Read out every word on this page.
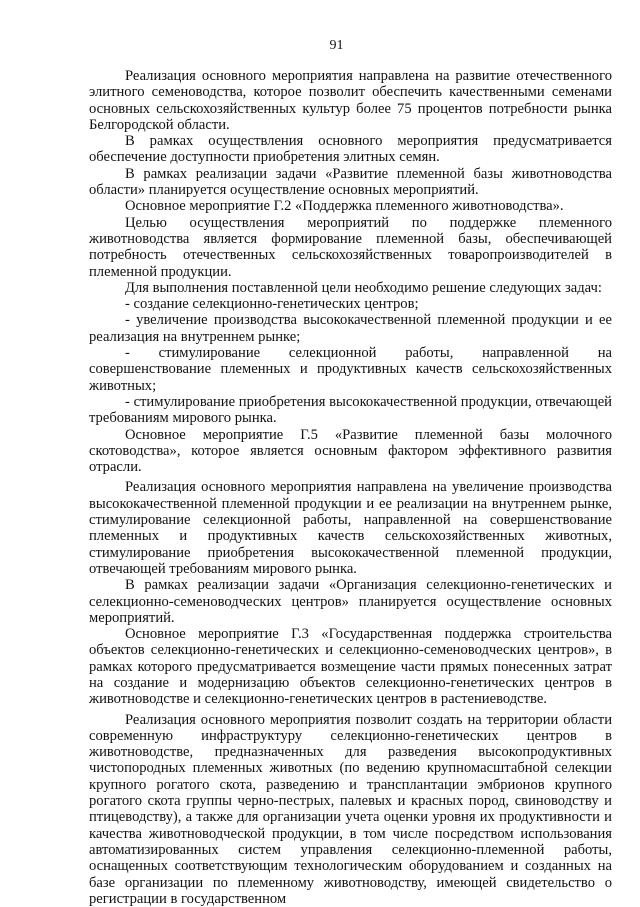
91

Реализация основного мероприятия направлена на развитие отечественного элитного семеноводства, которое позволит обеспечить качественными семенами основных сельскохозяйственных культур более 75 процентов потребности рынка Белгородской области.

В рамках осуществления основного мероприятия предусматривается обеспечение доступности приобретения элитных семян.

В рамках реализации задачи «Развитие племенной базы животноводства области» планируется осуществление основных мероприятий.

Основное мероприятие Г.2 «Поддержка племенного животноводства».

Целью осуществления мероприятий по поддержке племенного животноводства является формирование племенной базы, обеспечивающей потребность отечественных сельскохозяйственных товаропроизводителей в племенной продукции.

Для выполнения поставленной цели необходимо решение следующих задач:

- создание селекционно-генетических центров;

- увеличение производства высококачественной племенной продукции и ее реализация на внутреннем рынке;

- стимулирование селекционной работы, направленной на совершенствование племенных и продуктивных качеств сельскохозяйственных животных;

- стимулирование приобретения высококачественной продукции, отвечающей требованиям мирового рынка.

Основное мероприятие Г.5 «Развитие племенной базы молочного скотоводства», которое является основным фактором эффективного развития отрасли.

Реализация основного мероприятия направлена на увеличение производства высококачественной племенной продукции и ее реализации на внутреннем рынке, стимулирование селекционной работы, направленной на совершенствование племенных и продуктивных качеств сельскохозяйственных животных, стимулирование приобретения высококачественной племенной продукции, отвечающей требованиям мирового рынка.

В рамках реализации задачи «Организация селекционно-генетических и селекционно-семеноводческих центров» планируется осуществление основных мероприятий.

Основное мероприятие Г.3 «Государственная поддержка строительства объектов селекционно-генетических и селекционно-семеноводческих центров», в рамках которого предусматривается возмещение части прямых понесенных затрат на создание и модернизацию объектов селекционно-генетических центров в животноводстве и селекционно-генетических центров в растениеводстве.

Реализация основного мероприятия позволит создать на территории области современную инфраструктуру селекционно-генетических центров в животноводстве, предназначенных для разведения высокопродуктивных чистопородных племенных животных (по ведению крупномасштабной селекции крупного рогатого скота, разведению и трансплантации эмбрионов крупного рогатого скота группы черно-пестрых, палевых и красных пород, свиноводству и птицеводству), а также для организации учета оценки уровня их продуктивности и качества животноводческой продукции, в том числе посредством использования автоматизированных систем управления селекционно-племенной работы, оснащенных соответствующим технологическим оборудованием и созданных на базе организации по племенному животноводству, имеющей свидетельство о регистрации в государственном
